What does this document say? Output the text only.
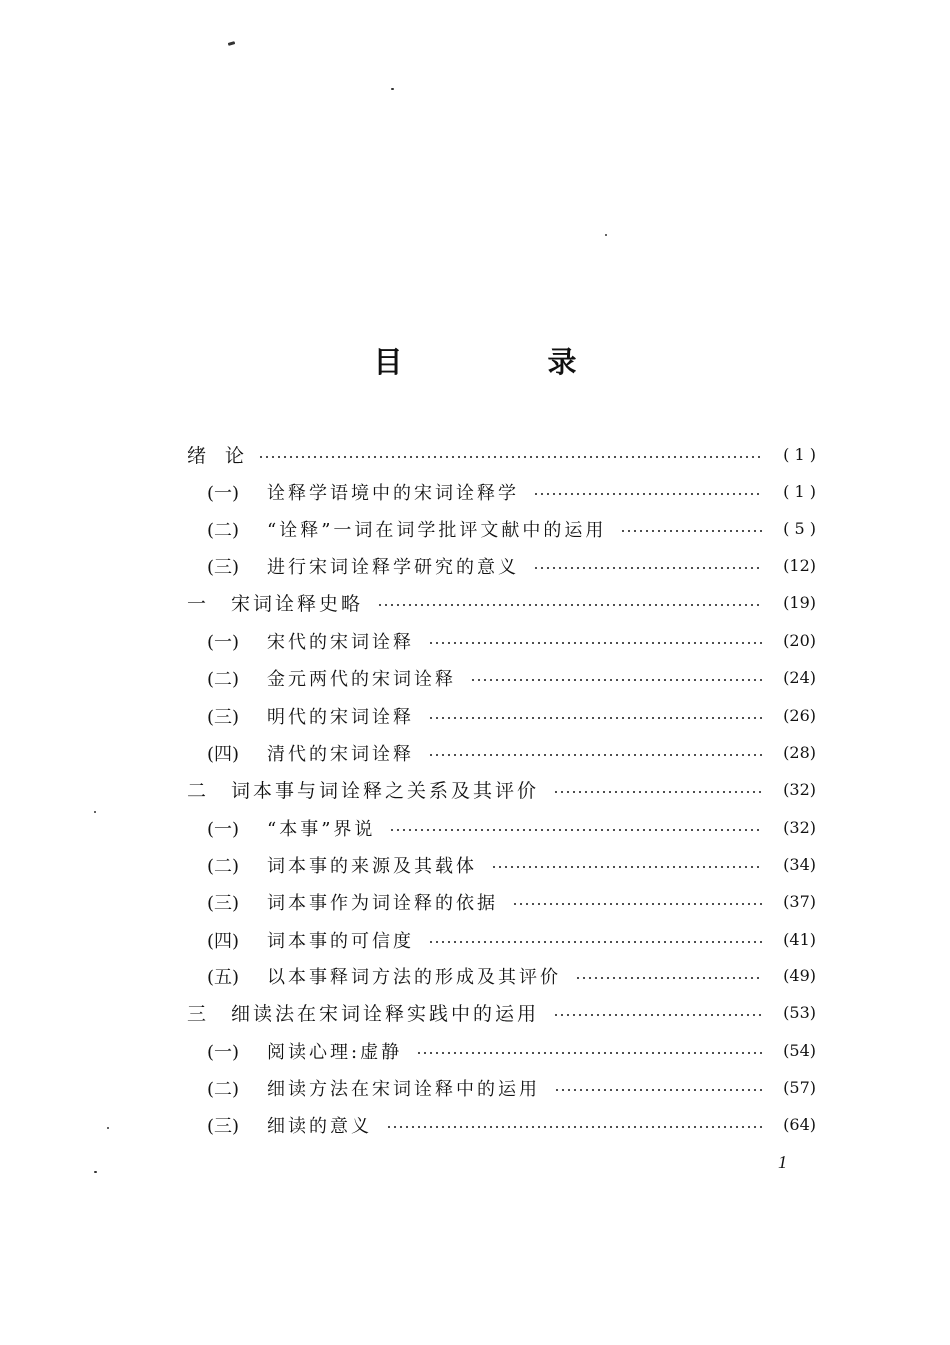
目　录
绪　论	( 1 )
(一) 诠释学语境中的宋词诠释学	( 1 )
(二) “诠释”一词在词学批评文献中的运用	( 5 )
(三) 进行宋词诠释学研究的意义	(12)
一 宋词诠释史略	(19)
(一) 宋代的宋词诠释	(20)
(二) 金元两代的宋词诠释	(24)
(三) 明代的宋词诠释	(26)
(四) 清代的宋词诠释	(28)
二 词本事与词诠释之关系及其评价	(32)
(一) “本事”界说	(32)
(二) 词本事的来源及其载体	(34)
(三) 词本事作为词诠释的依据	(37)
(四) 词本事的可信度	(41)
(五) 以本事释词方法的形成及其评价	(49)
三 细读法在宋词诠释实践中的运用	(53)
(一) 阅读心理:虚静	(54)
(二) 细读方法在宋词诠释中的运用	(57)
(三) 细读的意义	(64)
1
